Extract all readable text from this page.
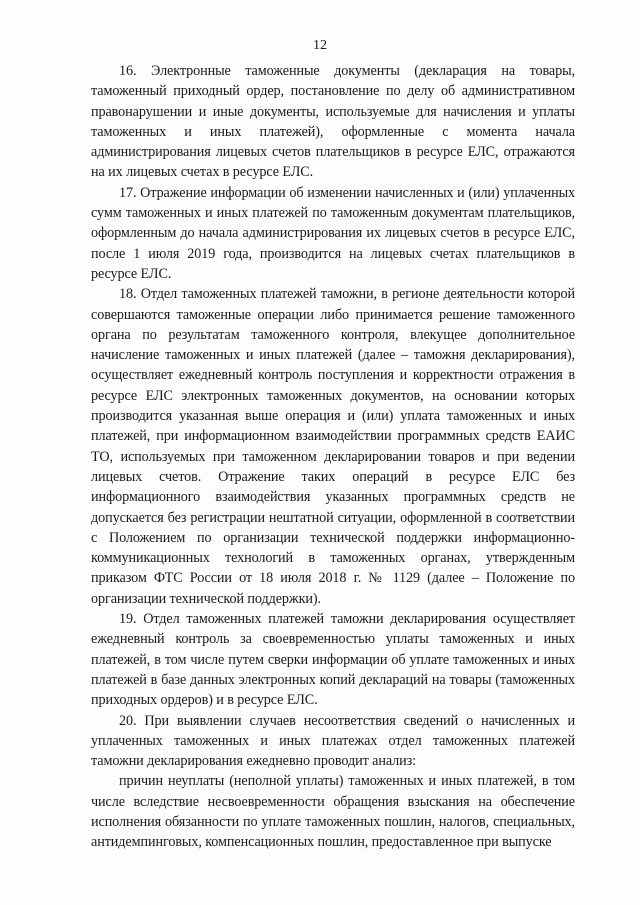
12

16. Электронные таможенные документы (декларация на товары, таможенный приходный ордер, постановление по делу об административном правонарушении и иные документы, используемые для начисления и уплаты таможенных и иных платежей), оформленные с момента начала администрирования лицевых счетов плательщиков в ресурсе ЕЛС, отражаются на их лицевых счетах в ресурсе ЕЛС.

17. Отражение информации об изменении начисленных и (или) уплаченных сумм таможенных и иных платежей по таможенным документам плательщиков, оформленным до начала администрирования их лицевых счетов в ресурсе ЕЛС, после 1 июля 2019 года, производится на лицевых счетах плательщиков в ресурсе ЕЛС.

18. Отдел таможенных платежей таможни, в регионе деятельности которой совершаются таможенные операции либо принимается решение таможенного органа по результатам таможенного контроля, влекущее дополнительное начисление таможенных и иных платежей (далее – таможня декларирования), осуществляет ежедневный контроль поступления и корректности отражения в ресурсе ЕЛС электронных таможенных документов, на основании которых производится указанная выше операция и (или) уплата таможенных и иных платежей, при информационном взаимодействии программных средств ЕАИС ТО, используемых при таможенном декларировании товаров и при ведении лицевых счетов. Отражение таких операций в ресурсе ЕЛС без информационного взаимодействия указанных программных средств не допускается без регистрации нештатной ситуации, оформленной в соответствии с Положением по организации технической поддержки информационно-коммуникационных технологий в таможенных органах, утвержденным приказом ФТС России от 18 июля 2018 г. № 1129 (далее – Положение по организации технической поддержки).

19. Отдел таможенных платежей таможни декларирования осуществляет ежедневный контроль за своевременностью уплаты таможенных и иных платежей, в том числе путем сверки информации об уплате таможенных и иных платежей в базе данных электронных копий деклараций на товары (таможенных приходных ордеров) и в ресурсе ЕЛС.

20. При выявлении случаев несоответствия сведений о начисленных и уплаченных таможенных и иных платежах отдел таможенных платежей таможни декларирования ежедневно проводит анализ:

причин неуплаты (неполной уплаты) таможенных и иных платежей, в том числе вследствие несвоевременности обращения взыскания на обеспечение исполнения обязанности по уплате таможенных пошлин, налогов, специальных, антидемпинговых, компенсационных пошлин, предоставленное при выпуске
